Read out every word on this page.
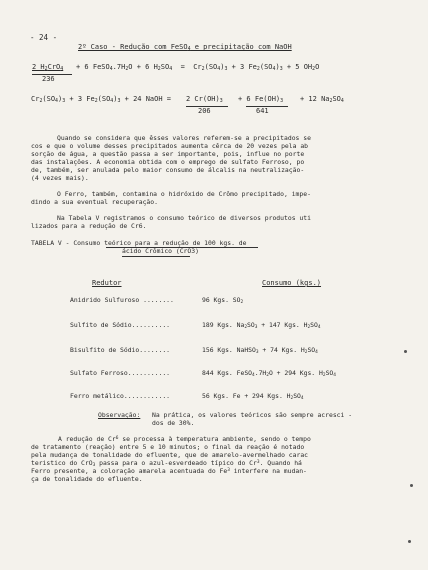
- 24 -
2º Caso - Redução com FeSO$_4$ e precipitação com NaOH
2 $H_2CrO_4$
236
+ 6 $FeSO_4.7H_2O + 6$ $H_2SO_4 = Cr_2(SO_4)_3 + 3$ $Fe_2(SO_4)_3 + 5$ $OH_2O$
$Cr_2(SO_4)_3 + 3$ $Fe_2(SO_4)_3 + 24$ NaOH = 2 $Cr(OH)_3$
206
+ 6 $Fe(OH)_3$
641
+ 12 $Na_2SO_4$
Quando se considera que êsses valores referem-se a precipitados se
cos e que o volume desses precipitados aumenta cêrca de 20 vezes pela ab
sorção de água, a questão passa a ser importante, pois, influe no porte
das instalações. A economia obtida com o emprego de sulfato Ferroso, po
de, também, ser anulada pelo maior consumo de álcalis na neutralização-
(4 vezes mais).
O Ferro, também, contamina o hidróxido de Crômo precipitado, impe-
dindo a sua eventual recuperação.
Na Tabela V registramos o consumo teórico de diversos produtos uti
lizados para a redução de Cr6.
TABELA V - Consumo teórico para a redução de 100 kgs. de
ácido Crômico (CrO3)
Redutor	Consumo (kgs.)
Anidrido Sulfuroso ........	96 Kgs. $SO_2$
Sulfito de Sódio..........	189 Kgs. $Na_2SO_3 + 147$ Kgs. $H_2SO_4$
Bisulfito de Sódio........	156 Kgs. NaHSO$_3$ + 74 Kgs. $H_2SO_4$
Sulfato Ferroso...........	844 Kgs. $FeSO_4.7H_2O + 294$ Kgs. $H_2SO_4$
Ferro metálico............	56 Kgs. Fe + 294 Kgs. $H_2SO_4$
Observação: Na prática, os valores teóricos são sempre acresci -
dos de 30%.
A redução de Cr$^6$ se processa à temperatura ambiente, sendo o tempo
de tratamento (reação) entre 5 e 10 minutos; o final da reação é notado
pela mudança de tonalidade do efluente, que de amarelo-avermelhado carac
teristico do CrO$_3$ passa para o azul-esverdeado típico do Cr$^3$. Quando há
Ferro presente, a coloração amarela acentuada do Fe$^3$ interfere na mudan-
ça de tonalidade do efluente.
